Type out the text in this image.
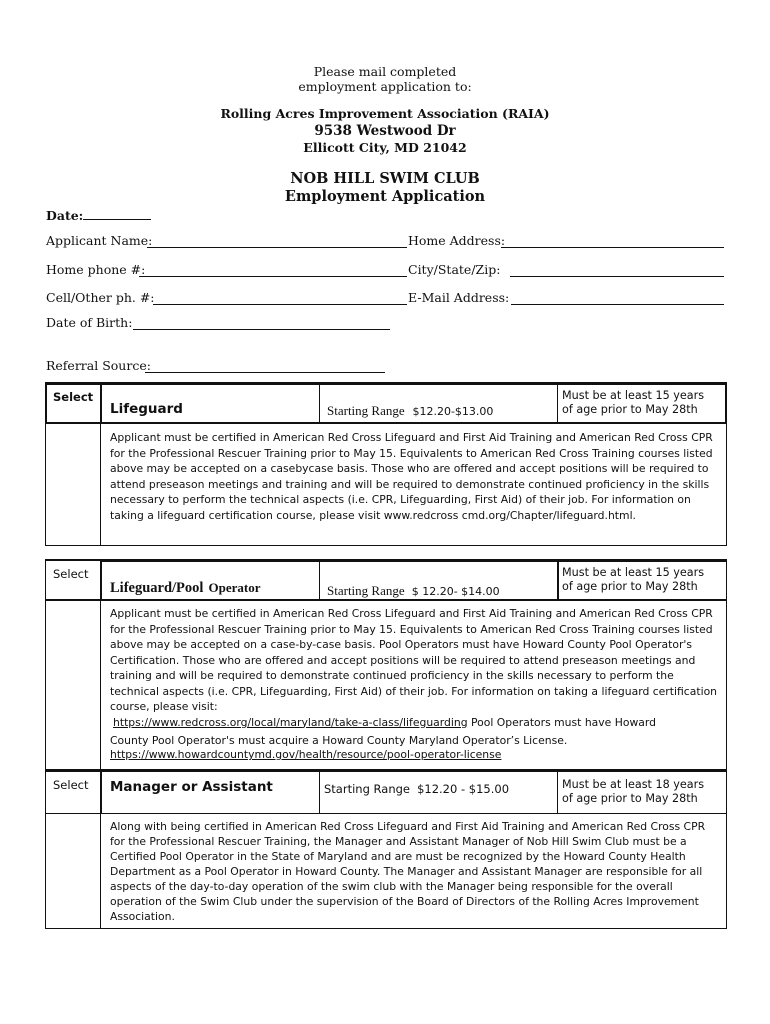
Please mail completed
employment application to:
Rolling Acres Improvement Association (RAIA)
9538 Westwood Dr
Ellicott City, MD 21042
NOB HILL SWIM CLUB
Employment Application
Date:
Applicant Name:	Home Address:
Home phone #:	City/State/Zip:
Cell/Other ph. #:	E-Mail Address:
Date of Birth:
Referral Source:
Select
Lifeguard	Starting Range $12.20-$13.00
Must be at least 15 years
of age prior to May 28th
Applicant must be certified in American Red Cross Lifeguard and First Aid Training and American Red Cross CPR for the Professional Rescuer Training prior to May 15. Equivalents to American Red Cross Training courses listed above may be accepted on a casebycase basis. Those who are offered and accept positions will be required to attend preseason meetings and training and will be required to demonstrate continued proficiency in the skills necessary to perform the technical aspects (i.e. CPR, Lifeguarding, First Aid) of their job. For information on taking a lifeguard certification course, please visit www.redcross cmd.org/Chapter/lifeguard.html.
Select
Lifeguard/Pool Operator	Starting Range $ 12.20- $14.00
Must be at least 15 years
of age prior to May 28th
Applicant must be certified in American Red Cross Lifeguard and First Aid Training and American Red Cross CPR for the Professional Rescuer Training prior to May 15. Equivalents to American Red Cross Training courses listed above may be accepted on a case-by-case basis. Pool Operators must have Howard County Pool Operator's Certification. Those who are offered and accept positions will be required to attend preseason meetings and training and will be required to demonstrate continued proficiency in the skills necessary to perform the technical aspects (i.e. CPR, Lifeguarding, First Aid) of their job. For information on taking a lifeguard certification course, please visit:
https://www.redcross.org/local/maryland/take-a-class/lifeguarding Pool Operators must have Howard
County Pool Operator's must acquire a Howard County Maryland Operator’s License.
https://www.howardcountymd.gov/health/resource/pool-operator-license
Select Manager or Assistant	Starting Range $12.20 - $15.00	Must be at least 18 years
of age prior to May 28th
Along with being certified in American Red Cross Lifeguard and First Aid Training and American Red Cross CPR for the Professional Rescuer Training, the Manager and Assistant Manager of Nob Hill Swim Club must be a Certified Pool Operator in the State of Maryland and are must be recognized by the Howard County Health Department as a Pool Operator in Howard County. The Manager and Assistant Manager are responsible for all aspects of the day-to-day operation of the swim club with the Manager being responsible for the overall operation of the Swim Club under the supervision of the Board of Directors of the Rolling Acres Improvement Association.
